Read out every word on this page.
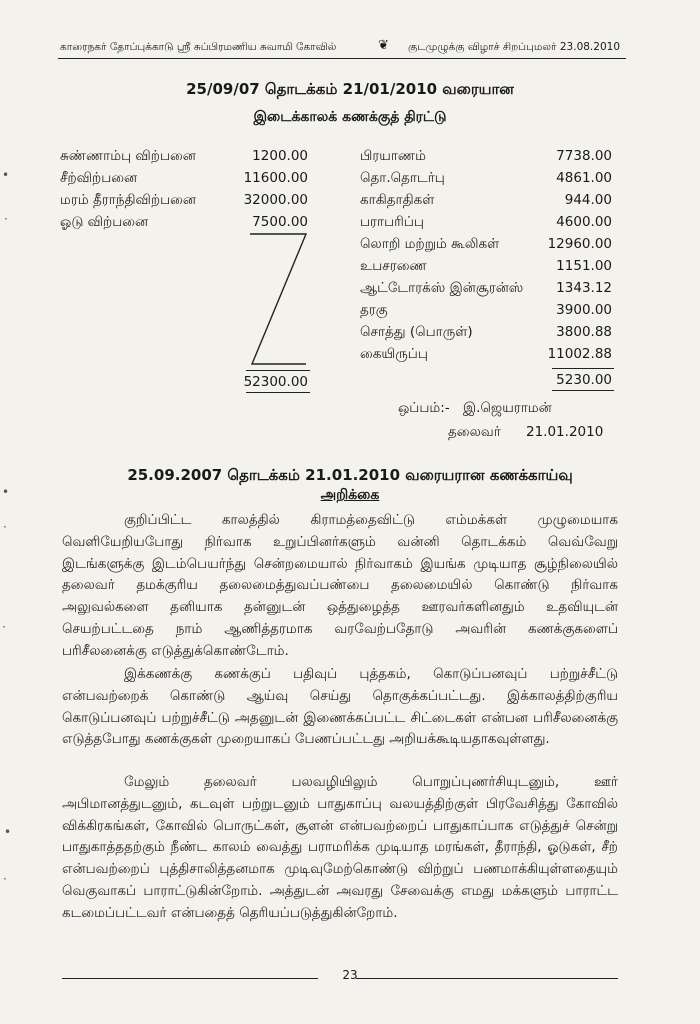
காரைநகர் தோப்புக்காடு ஸ்ரீ சுப்பிரமணிய சுவாமி கோவில்	❦ குடமுழுக்கு விழாச் சிறப்புமலர் 23.08.2010
25/09/07 தொடக்கம் 21/01/2010 வரையான
இடைக்காலக் கணக்குத் திரட்டு
சுண்ணாம்பு விற்பனை	1200.00
சீற்விற்பனை	11600.00
மரம் தீராந்திவிற்பனை	32000.00
ஓடு விற்பனை	7500.00
52300.00
பிரயாணம்	7738.00
தொ.தொடர்பு	4861.00
காகிதாதிகள்	944.00
பராபரிப்பு	4600.00
லொறி மற்றும் கூலிகள்	12960.00
உபசரணை	1151.00
ஆட்டோரக்ஸ் இன்சூரன்ஸ் 1343.12
தரகு	3900.00
சொத்து (பொருள்)	3800.88
கையிருப்பு	11002.88
5230.00
ஒப்பம்:- இ.ஜெயராமன்
தலைவர் 21.01.2010
25.09.2007 தொடக்கம் 21.01.2010 வரையரான கணக்காய்வு
அறிக்கை

குறிப்பிட்ட காலத்தில் கிராமத்தைவிட்டு எம்மக்கள் முழுமையாக வெளியேறியபோது நிர்வாக உறுப்பினர்களும் வன்னி தொடக்கம் வெவ்வேறு இடங்களுக்கு இடம்பெயர்ந்து சென்றமையால் நிர்வாகம் இயங்க முடியாத சூழ்நிலையில் தலைவர் தமக்குரிய தலைமைத்துவப்பண்பை தலைமையில் கொண்டு நிர்வாக அலுவல்களை தனியாக தன்னுடன் ஒத்துழைத்த ஊரவர்களினதும் உதவியுடன் செயற்பட்டதை நாம் ஆணித்தரமாக வரவேற்பதோடு அவரின் கணக்குகளைப் பரிசீலனைக்கு எடுத்துக்கொண்டோம்.

இக்கணக்கு கணக்குப் பதிவுப் புத்தகம், கொடுப்பனவுப் பற்றுச்சீட்டு என்பவற்றைக் கொண்டு ஆய்வு செய்து தொகுக்கப்பட்டது. இக்காலத்திற்குரிய கொடுப்பனவுப் பற்றுச்சீட்டு அதனுடன் இணைக்கப்பட்ட சிட்டைகள் என்பன பரிசீலனைக்கு எடுத்தபோது கணக்குகள் முறையாகப் பேணப்பட்டது அறியக்கூடியதாகவுள்ளது.

மேலும் தலைவர் பலவழியிலும் பொறுப்புணர்சியுடனும், ஊர் அபிமானத்துடனும், கடவுள் பற்றுடனும் பாதுகாப்பு வலயத்திற்குள் பிரவேசித்து கோவில் விக்கிரகங்கள், கோவில் பொருட்கள், சூளன் என்பவற்றைப் பாதுகாப்பாக எடுத்துச் சென்று பாதுகாத்ததற்கும் நீண்ட காலம் வைத்து பராமரிக்க முடியாத மரங்கள், தீராந்தி, ஓடுகள், சீற் என்பவற்றைப் புத்திசாலித்தனமாக முடிவுமேற்கொண்டு விற்றுப் பணமாக்கியுள்ளதையும் வெகுவாகப் பாராட்டுகின்றோம். அத்துடன் அவரது சேவைக்கு எமது மக்களும் பாராட்ட கடமைப்பட்டவர் என்பதைத் தெரியப்படுத்துகின்றோம்.

23
•
·
•
·
·
•
·
